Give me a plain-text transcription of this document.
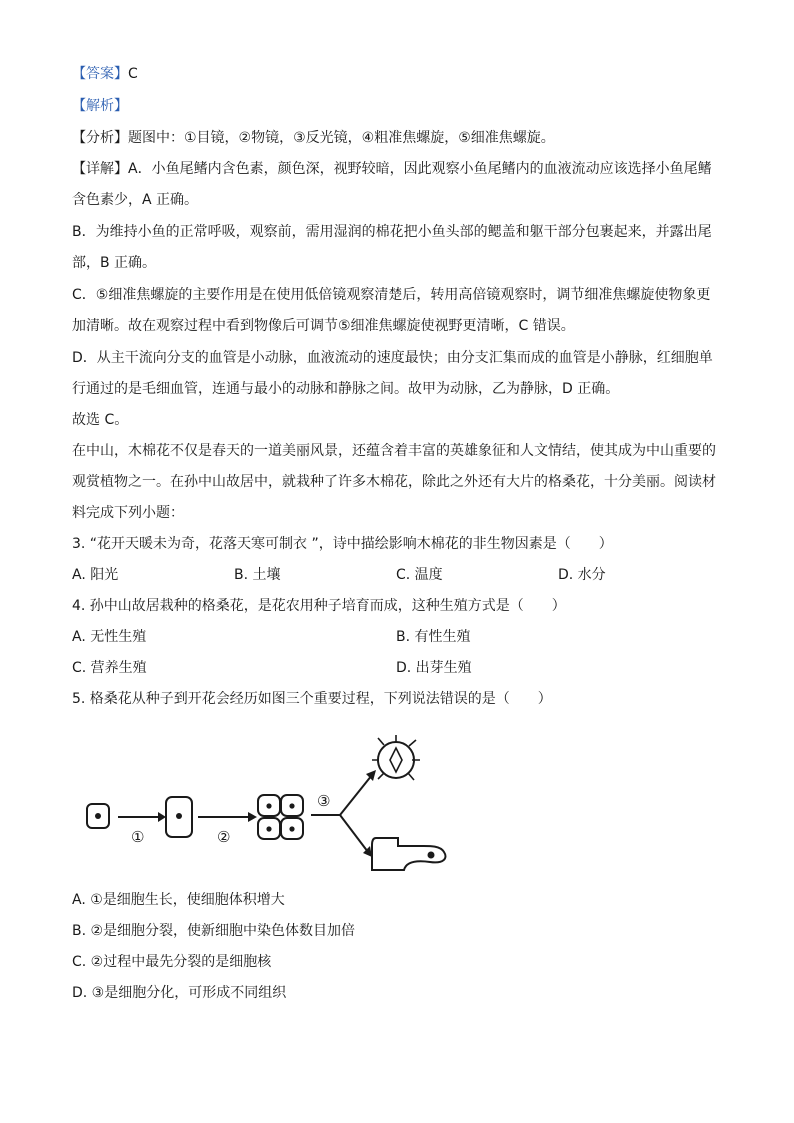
【答案】C
【解析】
【分析】题图中：①目镜，②物镜，③反光镜，④粗准焦螺旋，⑤细准焦螺旋。
【详解】A．小鱼尾鳍内含色素，颜色深，视野较暗，因此观察小鱼尾鳍内的血液流动应该选择小鱼尾鳍
含色素少，A 正确。
B．为维持小鱼的正常呼吸，观察前，需用湿润的棉花把小鱼头部的鳃盖和躯干部分包裹起来，并露出尾
部，B 正确。
C．⑤细准焦螺旋的主要作用是在使用低倍镜观察清楚后，转用高倍镜观察时，调节细准焦螺旋使物象更
加清晰。故在观察过程中看到物像后可调节⑤细准焦螺旋使视野更清晰，C 错误。
D．从主干流向分支的血管是小动脉，血液流动的速度最快；由分支汇集而成的血管是小静脉，红细胞单
行通过的是毛细血管，连通与最小的动脉和静脉之间。故甲为动脉，乙为静脉，D 正确。
故选 C。
在中山，木棉花不仅是春天的一道美丽风景，还蕴含着丰富的英雄象征和人文情结，使其成为中山重要的
观赏植物之一。在孙中山故居中，就栽种了许多木棉花，除此之外还有大片的格桑花，十分美丽。阅读材
料完成下列小题：
3. “花开天暖未为奇，花落天寒可制衣 ”，诗中描绘影响木棉花的非生物因素是（　　）
A. 阳光	B. 土壤	C. 温度	D. 水分
4. 孙中山故居栽种的格桑花，是花农用种子培育而成，这种生殖方式是（　　）
A. 无性生殖	B. 有性生殖
C. 营养生殖	D. 出芽生殖
5. 格桑花从种子到开花会经历如图三个重要过程，下列说法错误的是（　　）
①	②
③
A. ①是细胞生长，使细胞体积增大
B. ②是细胞分裂，使新细胞中染色体数目加倍
C. ②过程中最先分裂的是细胞核
D. ③是细胞分化，可形成不同组织
